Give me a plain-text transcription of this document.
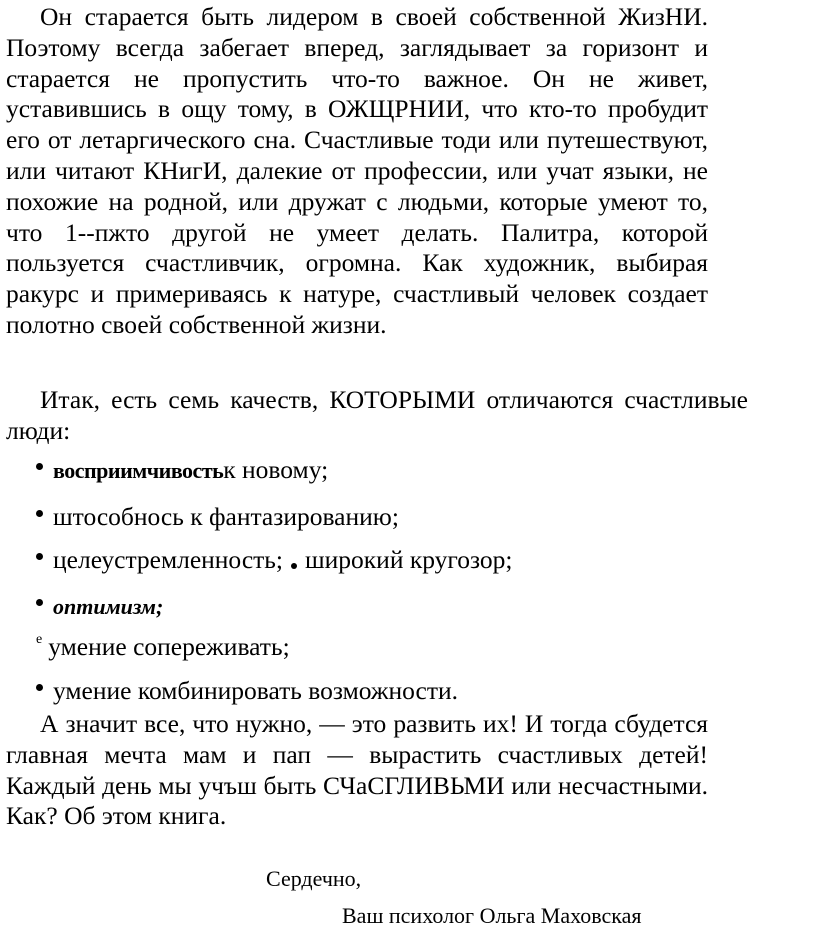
Он старается быть лидером в своей собственной ЖизНИ. Поэтому всегда забегает вперед, заглядывает за горизонт и старается не пропустить что-то важное. Он не живет, уставившись в ощу тому, в ОЖЩРНИИ, что кто-то пробудит его от летаргического сна. Счастливые тоди или путешествуют, или читают КНигИ, далекие от профессии, или учат языки, не похожие на родной, или дружат с людьми, которые умеют то, что 1--пжто другой не умеет делать. Палитра, которой пользуется счастливчик, огромна. Как художник, выбирая ракурс и примериваясь к натуре, счастливый человек создает полотно своей собственной жизни.

Итак, есть семь качеств, КОТОРЫМИ отличаются счастливые люди:

восприимчивостьк новому;
штособнось к фантазированию;
целеустремленность; широкий кругозор;
оптимизм;
$^е$ умение сопереживать;
умение комбинировать возможности.

А значит все, что нужно, — это развить их! И тогда сбудется главная мечта мам и пап — вырастить счастливых детей! Каждый день мы учъш быть СЧаСГЛИВЬМИ или несчастными. Как? Об этом книга.

Сердечно,
Ваш психолог Ольга Маховская
